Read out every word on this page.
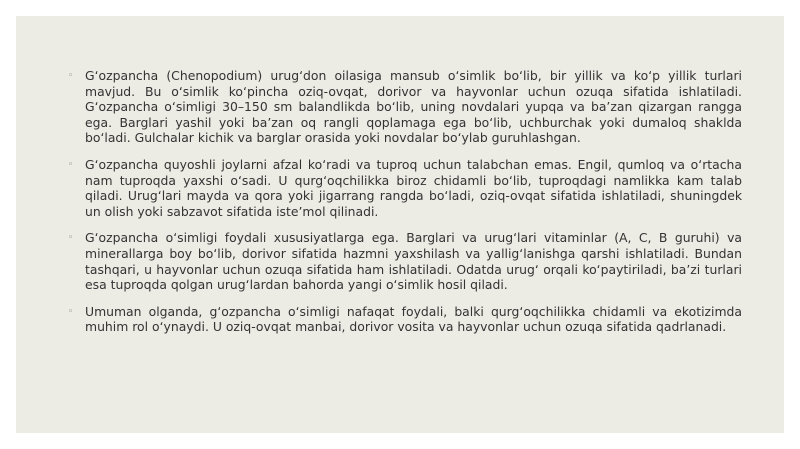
◦ G‘ozpancha (Chenopodium) urug‘don oilasiga mansub o‘simlik bo‘lib, bir yillik va ko‘p yillik turlari mavjud. Bu o‘simlik ko‘pincha oziq-ovqat, dorivor va hayvonlar uchun ozuqa sifatida ishlatiladi. G‘ozpancha o‘simligi 30–150 sm balandlikda bo‘lib, uning novdalari yupqa va ba’zan qizargan rangga ega. Barglari yashil yoki ba’zan oq rangli qoplamaga ega bo‘lib, uchburchak yoki dumaloq shaklda bo‘ladi. Gulchalar kichik va barglar orasida yoki novdalar bo‘ylab guruhlashgan.
◦ G‘ozpancha quyoshli joylarni afzal ko‘radi va tuproq uchun talabchan emas. Engil, qumloq va o‘rtacha nam tuproqda yaxshi o‘sadi. U qurg‘oqchilikka biroz chidamli bo‘lib, tuproqdagi namlikka kam talab qiladi. Urug‘lari mayda va qora yoki jigarrang rangda bo‘ladi, oziq-ovqat sifatida ishlatiladi, shuningdek un olish yoki sabzavot sifatida iste’mol qilinadi.
◦ G‘ozpancha o‘simligi foydali xususiyatlarga ega. Barglari va urug‘lari vitaminlar (A, C, B guruhi) va minerallarga boy bo‘lib, dorivor sifatida hazmni yaxshilash va yallig‘lanishga qarshi ishlatiladi. Bundan tashqari, u hayvonlar uchun ozuqa sifatida ham ishlatiladi. Odatda urug‘ orqali ko‘paytiriladi, ba’zi turlari esa tuproqda qolgan urug‘lardan bahorda yangi o‘simlik hosil qiladi.
◦ Umuman olganda, g‘ozpancha o‘simligi nafaqat foydali, balki qurg‘oqchilikka chidamli va ekotizimda muhim rol o‘ynaydi. U oziq-ovqat manbai, dorivor vosita va hayvonlar uchun ozuqa sifatida qadrlanadi.
